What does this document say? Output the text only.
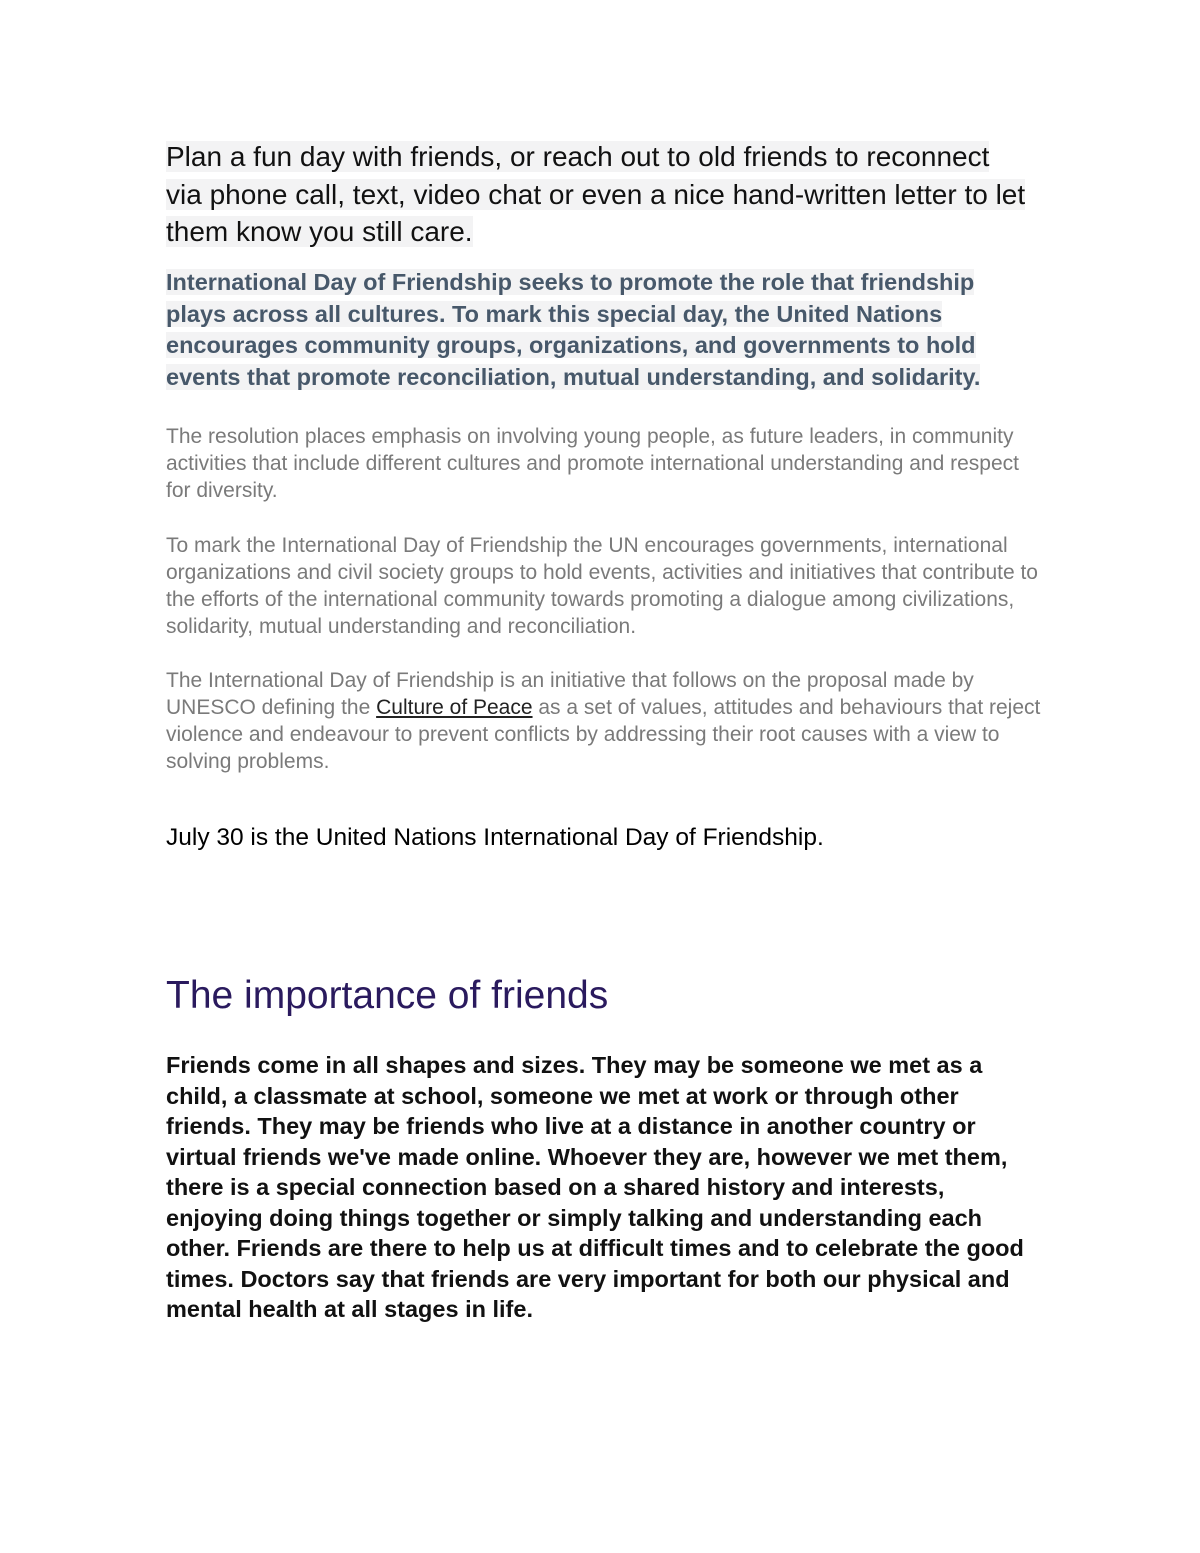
Plan a fun day with friends, or reach out to old friends to reconnect via phone call, text, video chat or even a nice hand-written letter to let them know you still care.

International Day of Friendship seeks to promote the role that friendship plays across all cultures. To mark this special day, the United Nations encourages community groups, organizations, and governments to hold events that promote reconciliation, mutual understanding, and solidarity.

The resolution places emphasis on involving young people, as future leaders, in community activities that include different cultures and promote international understanding and respect for diversity.

To mark the International Day of Friendship the UN encourages governments, international organizations and civil society groups to hold events, activities and initiatives that contribute to the efforts of the international community towards promoting a dialogue among civilizations, solidarity, mutual understanding and reconciliation.

The International Day of Friendship is an initiative that follows on the proposal made by UNESCO defining the Culture of Peace as a set of values, attitudes and behaviours that reject violence and endeavour to prevent conflicts by addressing their root causes with a view to solving problems.

July 30 is the United Nations International Day of Friendship.

The importance of friends

Friends come in all shapes and sizes. They may be someone we met as a child, a classmate at school, someone we met at work or through other friends. They may be friends who live at a distance in another country or virtual friends we've made online. Whoever they are, however we met them, there is a special connection based on a shared history and interests, enjoying doing things together or simply talking and understanding each other. Friends are there to help us at difficult times and to celebrate the good times. Doctors say that friends are very important for both our physical and mental health at all stages in life.
